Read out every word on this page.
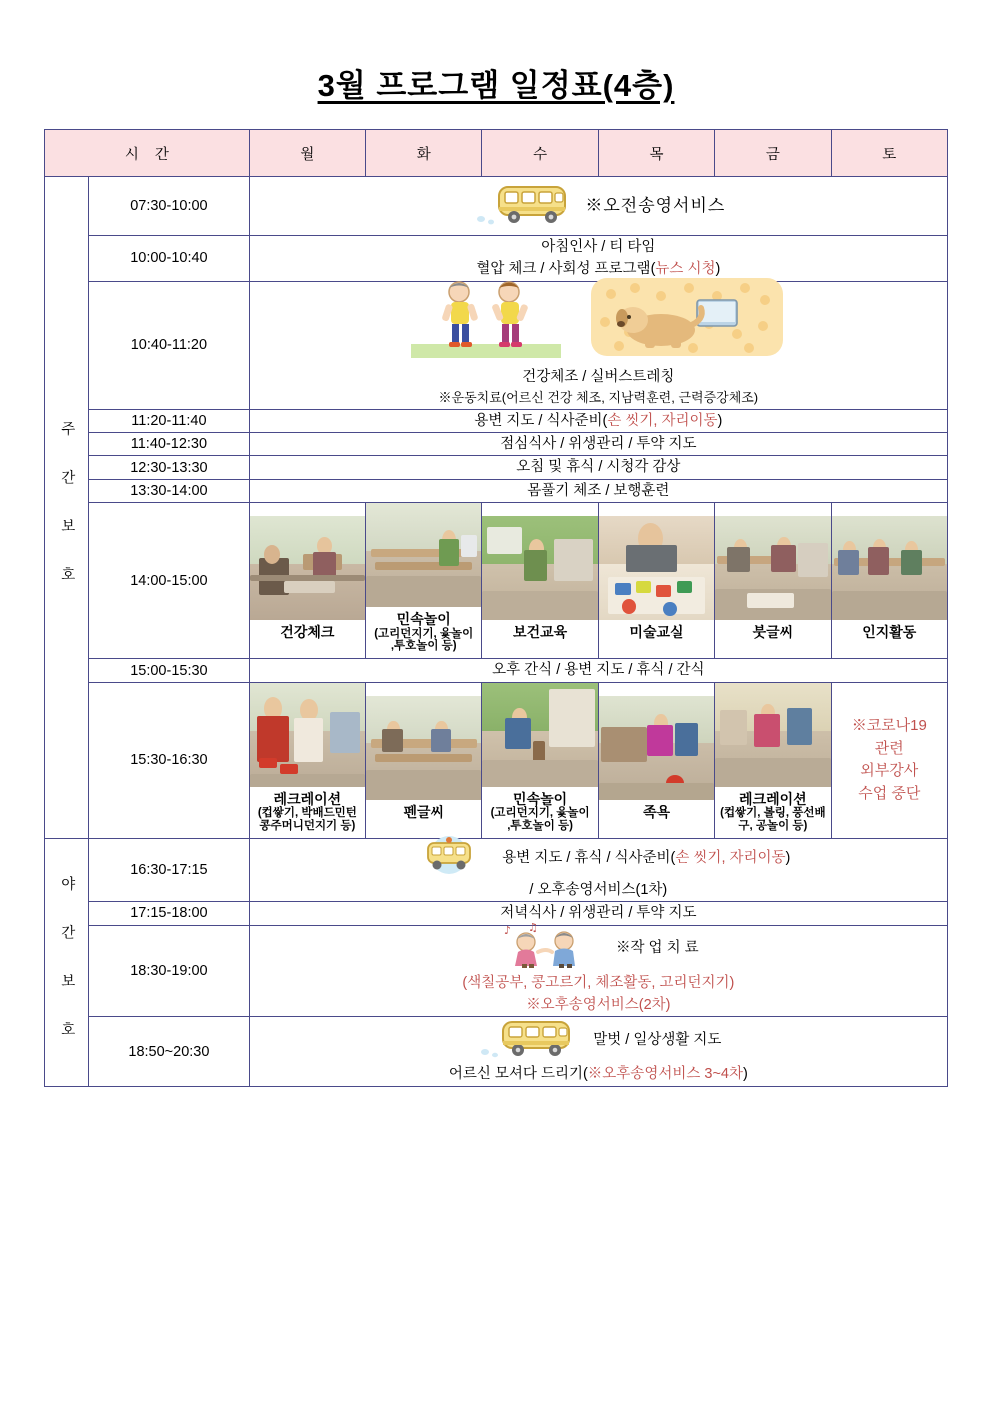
3월 프로그램 일정표(4층)
시 간		월	화	수	목	금	토
주 간 보 호	07:30-10:00	※오전송영서비스					

	10:00-10:40	아침인사 / 티 타임
혈압 체크 / 사회성 프로그램(뉴스 시청)					

	10:40-11:20	건강체조 / 실버스트레칭
※운동치료(어르신 건강 체조, 지남력훈련, 근력증강체조)					

	11:20-11:40	용변 지도 / 식사준비(손 씻기, 자리이동)					

	11:40-12:30	점심식사 / 위생관리 / 투약 지도					
	12:30-13:30	오침 및 휴식 / 시청각 감상					
	13:30-14:00	몸풀기 체조 / 보행훈련					
	14:00-15:00	건강체크	민속놀이
(고리던지기, 윷놀이
,투호놀이 등)	보건교육	미술교실	붓글씨	인지활동

	15:00-15:30	오후 간식 / 용변 지도 / 휴식 / 간식					
	15:30-16:30	레크레이션
(컵쌓기, 박배드민턴
콩주머니던지기 등)	펜글씨	민속놀이
(고리던지기, 윷놀이
,투호놀이 등)	족욕	레크레이션
(컵쌓기, 볼링, 풍선배
구, 공놀이 등)	※코로나19
관련
외부강사
수업 중단
야 간 보 호	16:30-17:15	용변 지도 / 휴식 / 식사준비(손 씻기, 자리이동)
/ 오후송영서비스(1차)					

	17:15-18:00	저녁식사 / 위생관리 / 투약 지도					
	18:30-19:00	♪ ♫
※작 업 치 료
(색칠공부, 콩고르기, 체조활동, 고리던지기)
※오후송영서비스(2차)					

	18:50~20:30	말벗 / 일상생활 지도
어르신 모셔다 드리기(※오후송영서비스 3~4차)					
